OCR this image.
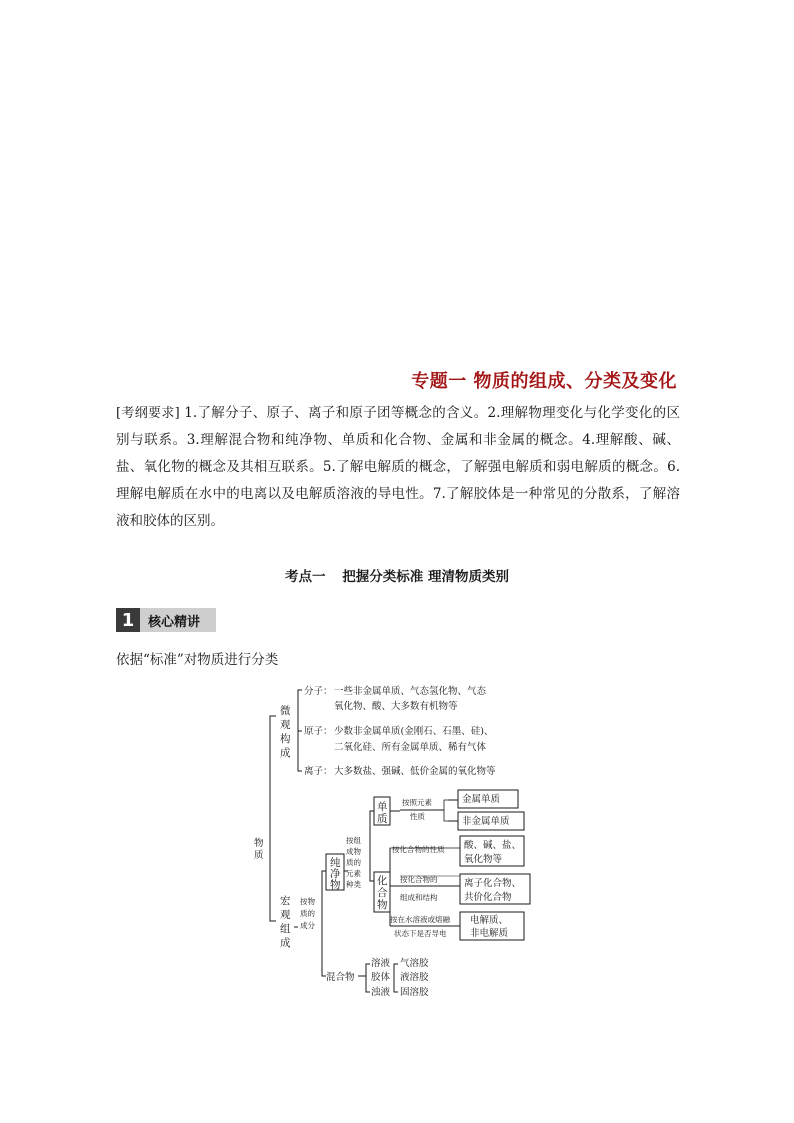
专题一 物质的组成、分类及变化

[考纲要求] 1.了解分子、原子、离子和原子团等概念的含义。2.理解物理变化与化学变化的区别与联系。3.理解混合物和纯净物、单质和化合物、金属和非金属的概念。4.理解酸、碱、盐、氧化物的概念及其相互联系。5.了解电解质的概念，了解强电解质和弱电解质的概念。6.理解电解质在水中的电离以及电解质溶液的导电性。7.了解胶体是一种常见的分散系，了解溶液和胶体的区别。

考点一 把握分类标准 理清物质类别
1	核心精讲

依据“标准”对物质进行分类

物
质
微
观
构
成
分子： 一些非金属单质、气态氢化物、气态
氧化物、酸、大多数有机物等
原子： 少数非金属单质(金刚石、石墨、硅)、
二氧化硅、所有金属单质、稀有气体
离子： 大多数盐、强碱、低价金属的氧化物等
宏
观
组
成
按物
质的
成分
纯
净
物
按组
成物
质的
元素
种类
单
质
化
合
物
按照元素
性质
金属单质
非金属单质
按化合物的性质 酸、碱、盐、
氧化物等
按化合物的
组成和结构
离子化合物、
共价化合物
按在水溶液或熔融
状态下是否导电
电解质、
非电解质
混合物
溶液
胶体
浊液
气溶胶
液溶胶
固溶胶
